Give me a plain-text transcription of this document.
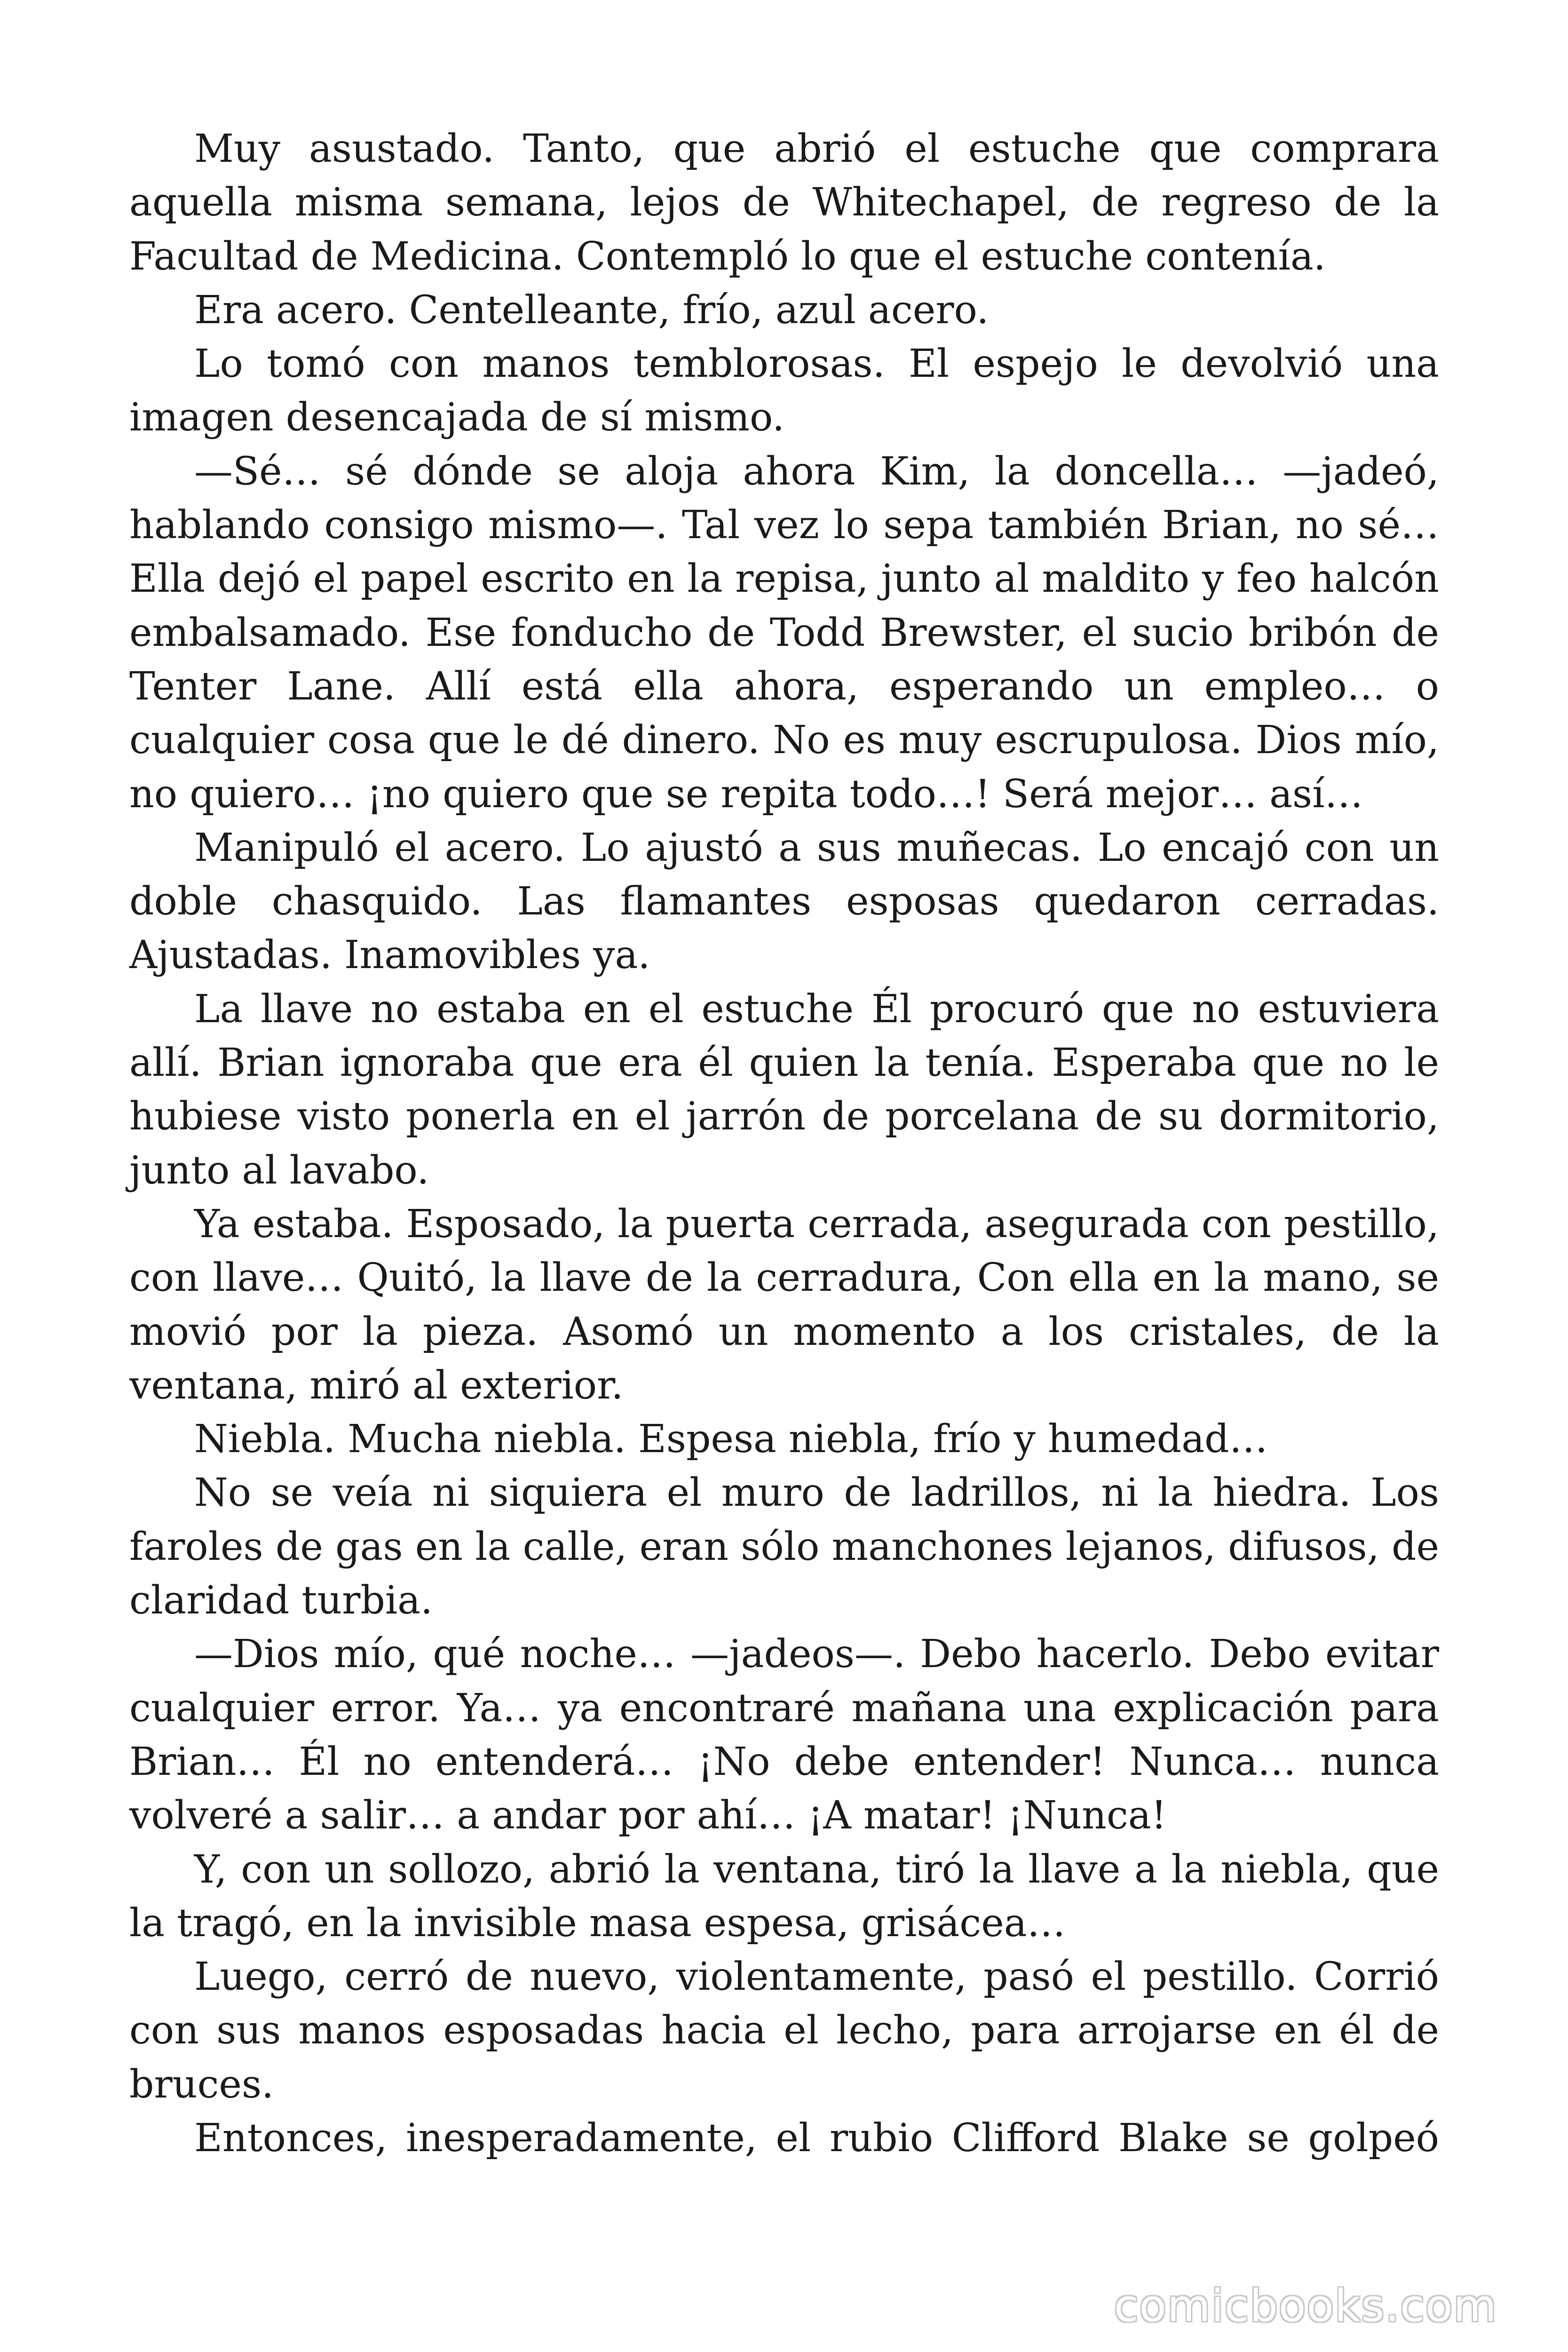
Muy asustado. Tanto, que abrió el estuche que comprara aquella misma semana, lejos de Whitechapel, de regreso de la Facultad de Medicina. Contempló lo que el estuche contenía.

Era acero. Centelleante, frío, azul acero.

Lo tomó con manos temblorosas. El espejo le devolvió una imagen desencajada de sí mismo.

—Sé… sé dónde se aloja ahora Kim, la doncella… —jadeó, hablando consigo mismo—. Tal vez lo sepa también Brian, no sé… Ella dejó el papel escrito en la repisa, junto al maldito y feo halcón embalsamado. Ese fonducho de Todd Brewster, el sucio bribón de Tenter Lane. Allí está ella ahora, esperando un empleo… o cualquier cosa que le dé dinero. No es muy escrupulosa. Dios mío, no quiero… ¡no quiero que se repita todo…! Será mejor… así…

Manipuló el acero. Lo ajustó a sus muñecas. Lo encajó con un doble chasquido. Las flamantes esposas quedaron cerradas. Ajustadas. Inamovibles ya.

La llave no estaba en el estuche Él procuró que no estuviera allí. Brian ignoraba que era él quien la tenía. Esperaba que no le hubiese visto ponerla en el jarrón de porcelana de su dormitorio, junto al lavabo.

Ya estaba. Esposado, la puerta cerrada, asegurada con pestillo, con llave… Quitó, la llave de la cerradura, Con ella en la mano, se movió por la pieza. Asomó un momento a los cristales, de la ventana, miró al exterior.

Niebla. Mucha niebla. Espesa niebla, frío y humedad…

No se veía ni siquiera el muro de ladrillos, ni la hiedra. Los faroles de gas en la calle, eran sólo manchones lejanos, difusos, de claridad turbia.

—Dios mío, qué noche… —jadeos—. Debo hacerlo. Debo evitar cualquier error. Ya… ya encontraré mañana una explicación para Brian… Él no entenderá… ¡No debe entender! Nunca… nunca volveré a salir… a andar por ahí… ¡A matar! ¡Nunca!

Y, con un sollozo, abrió la ventana, tiró la llave a la niebla, que la tragó, en la invisible masa espesa, grisácea…

Luego, cerró de nuevo, violentamente, pasó el pestillo. Corrió con sus manos esposadas hacia el lecho, para arrojarse en él de bruces.

Entonces, inesperadamente, el rubio Clifford Blake se golpeó

comicbooks.com
